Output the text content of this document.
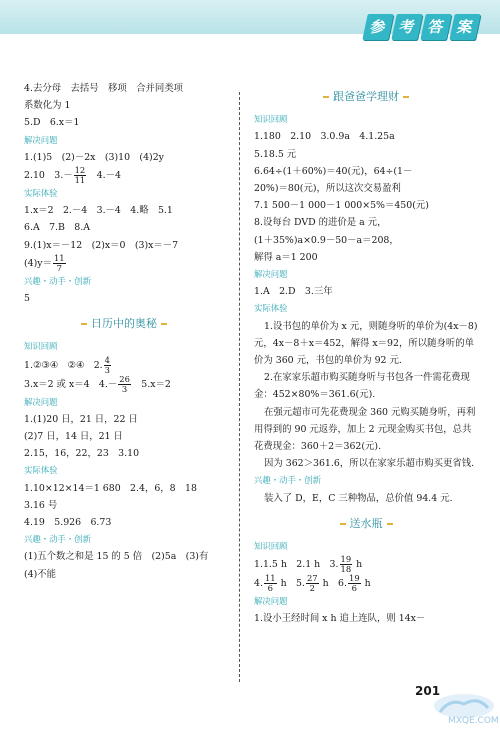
参 考 答 案
4.去分母　去括号　移项　合并同类项
系数化为 1
5.D　6.x＝1
解决问题
1.(1)5　(2)－2x　(3)10　(4)2y
2.10　$3.- \frac{12}{11}$ 　4.－4
实际体验
1.x＝2　2.－4　3.－4　4.略　5.1
6.A　7.B　8.A
9.(1)x＝－12　(2)x＝0　(3)x＝－7
$(4)y= \frac{11}{7}$
兴趣・动手・创新
5
日历中的奥秘
知识回顾
1.②③④　②④　2. $\frac{4}{3}$
3.x＝2 或 x＝4　$4.- \frac{26}{3}$ 　5.x＝2
解决问题
1.(1)20 日，21 日，22 日
(2)7 日，14 日，21 日
2.15，16，22，23　3.10
实际体验
1.10×12×14＝1 680　2.4，6，8　18
3.16 号
4.19　5.926　6.73
兴趣・动手・创新
(1)五个数之和是 15 的 5 倍　(2)5a　(3)有
(4)不能
跟爸爸学理财
知识回顾
1.180　2.10　3.0.9a　4.1.25a
5.18.5 元
6.64÷(1＋60%)＝40(元)，64÷(1－
20%)＝80(元)，所以这次交易盈利
7.1 500－1 000－1 000×5%＝450(元)
8.设每台 DVD 的进价是 a 元，
(1＋35%)a×0.9－50－a＝208，
解得 a＝1 200
解决问题
1.A　2.D　3.三年
实际体验
1.设书包的单价为 x 元，则随身听的单价为(4x－8)元，4x－8＋x＝452，解得 x＝92，所以随身听的单价为 360 元，书包的单价为 92 元.
2.在家家乐超市购买随身听与书包各一件需花费现金：452×80%＝361.6(元).
在强元超市可先花费现金 360 元购买随身听，再利用得到的 90 元返券，加上 2 元现金购买书包，总共花费现金：360＋2＝362(元).
因为 362＞361.6，所以在家家乐超市购买更省钱.
兴趣・动手・创新
装入了 D，E，C 三种物品，总价值 94.4 元.
送水瓶
知识回顾
1.1.5 h　2.1 h　3. $\frac{19}{18}$ h
4. $\frac{11}{6}$ h　5. $\frac{27}{2}$ h　6. $\frac{19}{6}$ h
解决问题
1.设小王经时间 x h 追上连队，则 14x－
201
MXQE.COM
